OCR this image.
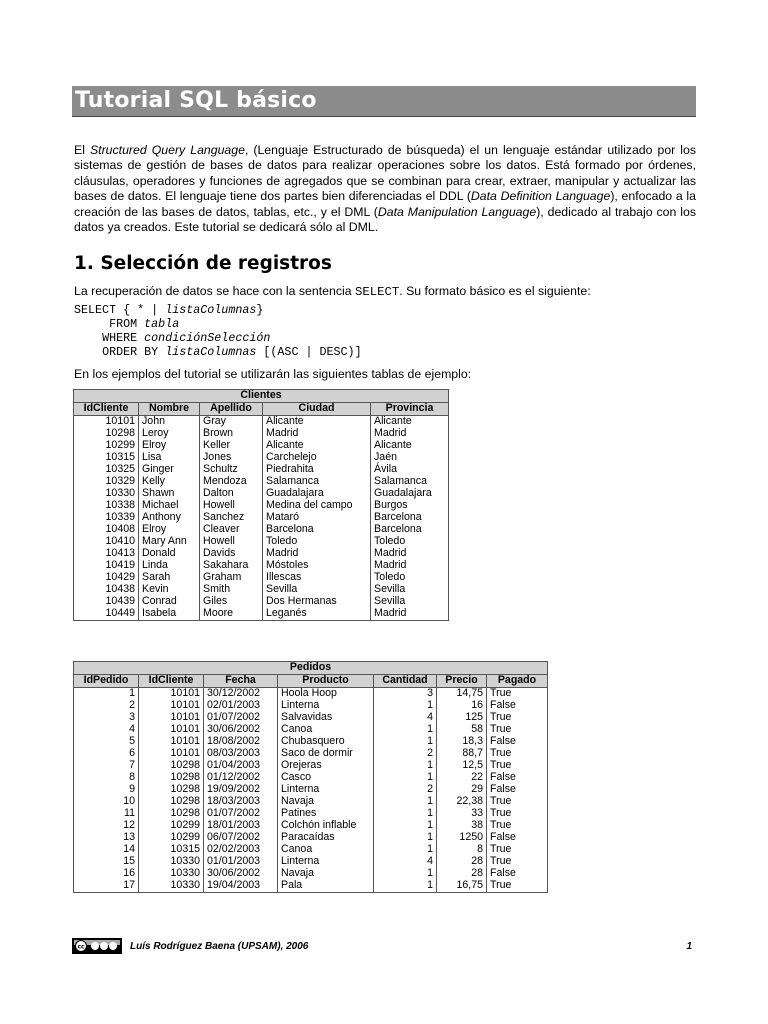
Tutorial SQL básico

El Structured Query Language, (Lenguaje Estructurado de búsqueda) el un lenguaje estándar utilizado por los sistemas de gestión de bases de datos para realizar operaciones sobre los datos. Está formado por órdenes, cláusulas, operadores y funciones de agregados que se combinan para crear, extraer, manipular y actualizar las bases de datos. El lenguaje tiene dos partes bien diferenciadas el DDL (Data Definition Language), enfocado a la creación de las bases de datos, tablas, etc., y el DML (Data Manipulation Language), dedicado al trabajo con los datos ya creados. Este tutorial se dedicará sólo al DML.

1. Selección de registros

La recuperación de datos se hace con la sentencia SELECT. Su formato básico es el siguiente:

SELECT { * | listaColumnas}
FROM tabla
WHERE condiciónSelección
ORDER BY listaColumnas [(ASC | DESC)]

En los ejemplos del tutorial se utilizarán las siguientes tablas de ejemplo:

Clientes				
IdCliente	Nombre	Apellido	Ciudad	Provincia
10101	John	Gray	Alicante	Alicante
10298	Leroy	Brown	Madrid	Madrid
10299	Elroy	Keller	Alicante	Alicante
10315	Lisa	Jones	Carchelejo	Jaén
10325	Ginger	Schultz	Piedrahita	Ávila
10329	Kelly	Mendoza	Salamanca	Salamanca
10330	Shawn	Dalton	Guadalajara	Guadalajara
10338	Michael	Howell	Medina del campo	Burgos
10339	Anthony	Sanchez	Mataró	Barcelona
10408	Elroy	Cleaver	Barcelona	Barcelona
10410	Mary Ann	Howell	Toledo	Toledo
10413	Donald	Davids	Madrid	Madrid
10419	Linda	Sakahara	Móstoles	Madrid
10429	Sarah	Graham	Illescas	Toledo
10438	Kevin	Smith	Sevilla	Sevilla
10439	Conrad	Giles	Dos Hermanas	Sevilla
10449	Isabela	Moore	Leganés	Madrid
Pedidos						
IdPedido	IdCliente	Fecha	Producto	Cantidad	Precio	Pagado
1	10101	30/12/2002	Hoola Hoop	3	14,75	True
2	10101	02/01/2003	Linterna	1	16	False
3	10101	01/07/2002	Salvavidas	4	125	True
4	10101	30/06/2002	Canoa	1	58	True
5	10101	18/08/2002	Chubasquero	1	18,3	False
6	10101	08/03/2003	Saco de dormir	2	88,7	True
7	10298	01/04/2003	Orejeras	1	12,5	True
8	10298	01/12/2002	Casco	1	22	False
9	10298	19/09/2002	Linterna	2	29	False
10	10298	18/03/2003	Navaja	1	22,38	True
11	10298	01/07/2002	Patines	1	33	True
12	10299	18/01/2003	Colchón inflable	1	38	True
13	10299	06/07/2002	Paracaídas	1	1250	False
14	10315	02/02/2003	Canoa	1	8	True
15	10330	01/01/2003	Linterna	4	28	True
16	10330	30/06/2002	Navaja	1	28	False
17	10330	19/04/2003	Pala	1	16,75	True
cc	Luís Rodríguez Baena (UPSAM), 2006	1
